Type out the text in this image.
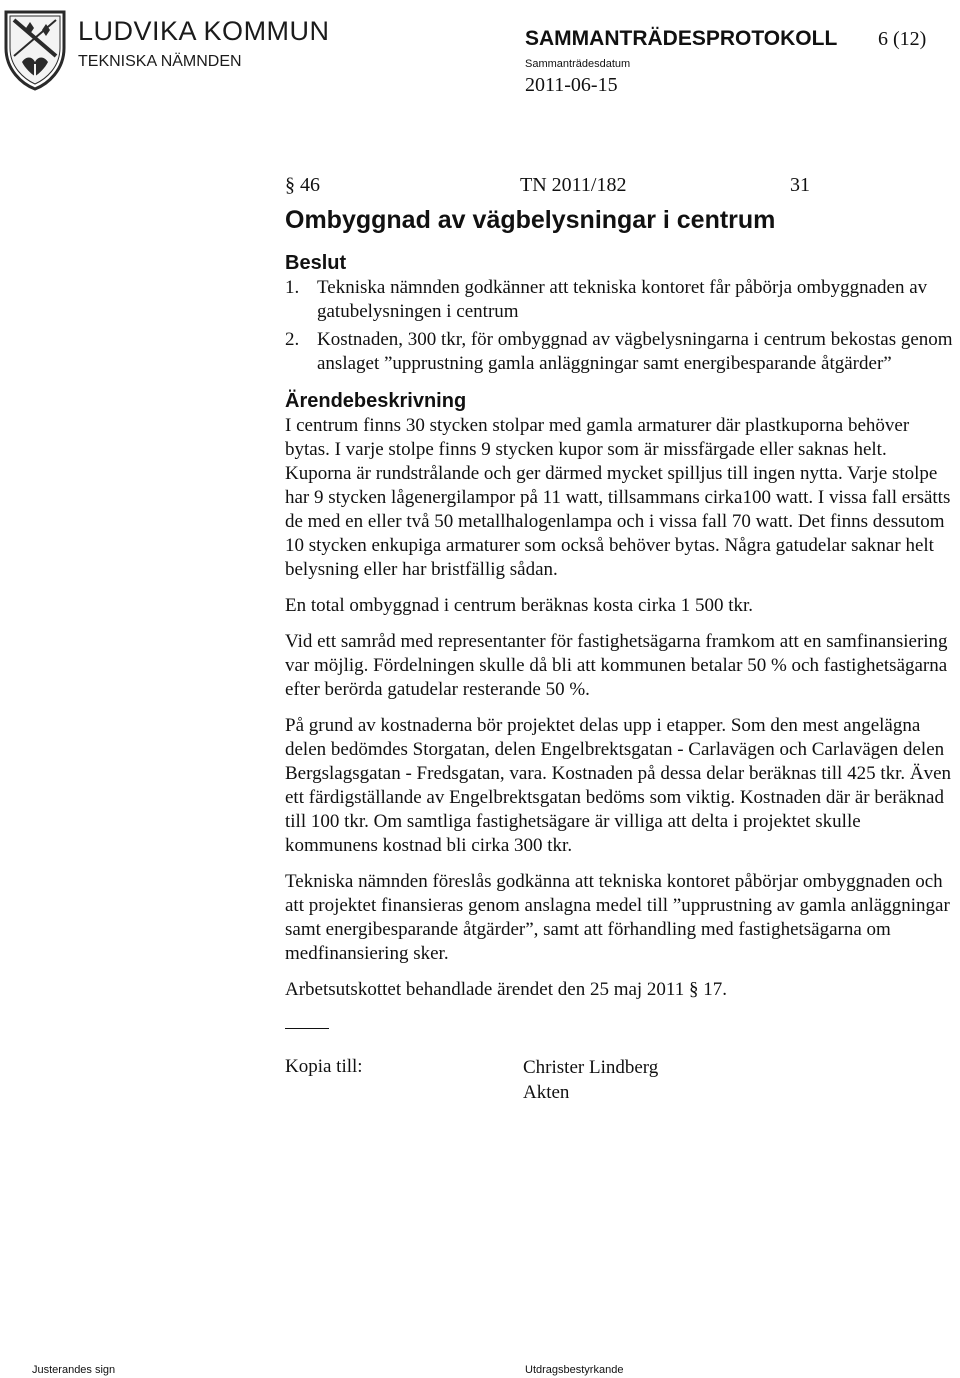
LUDVIKA KOMMUN
TEKNISKA NÄMNDEN
SAMMANTRÄDESPROTOKOLL 6 (12)
Sammanträdesdatum
2011-06-15
§ 46	TN 2011/182	31
Ombyggnad av vägbelysningar i centrum
Beslut
1. Tekniska nämnden godkänner att tekniska kontoret får påbörja ombyggnaden av gatubelysningen i centrum
2. Kostnaden, 300 tkr, för ombyggnad av vägbelysningarna i centrum bekostas genom anslaget ”upprustning gamla anläggningar samt energibesparande åtgärder”
Ärendebeskrivning

I centrum finns 30 stycken stolpar med gamla armaturer där plastkuporna behöver bytas. I varje stolpe finns 9 stycken kupor som är missfärgade eller saknas helt. Kuporna är rundstrålande och ger därmed mycket spilljus till ingen nytta. Varje stolpe har 9 stycken lågenergilampor på 11 watt, tillsammans cirka100 watt. I vissa fall ersätts de med en eller två 50 metallhalogenlampa och i vissa fall 70 watt. Det finns dessutom 10 stycken enkupiga armaturer som också behöver bytas. Några gatudelar saknar helt belysning eller har bristfällig sådan.

En total ombyggnad i centrum beräknas kosta cirka 1 500 tkr.

Vid ett samråd med representanter för fastighetsägarna framkom att en samfinansiering var möjlig. Fördelningen skulle då bli att kommunen betalar 50 % och fastighetsägarna efter berörda gatudelar resterande 50 %.

På grund av kostnaderna bör projektet delas upp i etapper. Som den mest angelägna delen bedömdes Storgatan, delen Engelbrektsgatan - Carlavägen och Carlavägen delen Bergslagsgatan - Fredsgatan, vara. Kostnaden på dessa delar beräknas till 425 tkr. Även ett färdigställande av Engelbrektsgatan bedöms som viktig. Kostnaden där är beräknad till 100 tkr. Om samtliga fastighetsägare är villiga att delta i projektet skulle kommunens kostnad bli cirka 300 tkr.

Tekniska nämnden föreslås godkänna att tekniska kontoret påbörjar ombyggnaden och att projektet finansieras genom anslagna medel till ”upprustning av gamla anläggningar samt energibesparande åtgärder”, samt att förhandling med fastighetsägarna om medfinansiering sker.

Arbetsutskottet behandlade ärendet den 25 maj 2011 § 17.

Kopia till:	Christer Lindberg
Akten
Justerandes sign	Utdragsbestyrkande
